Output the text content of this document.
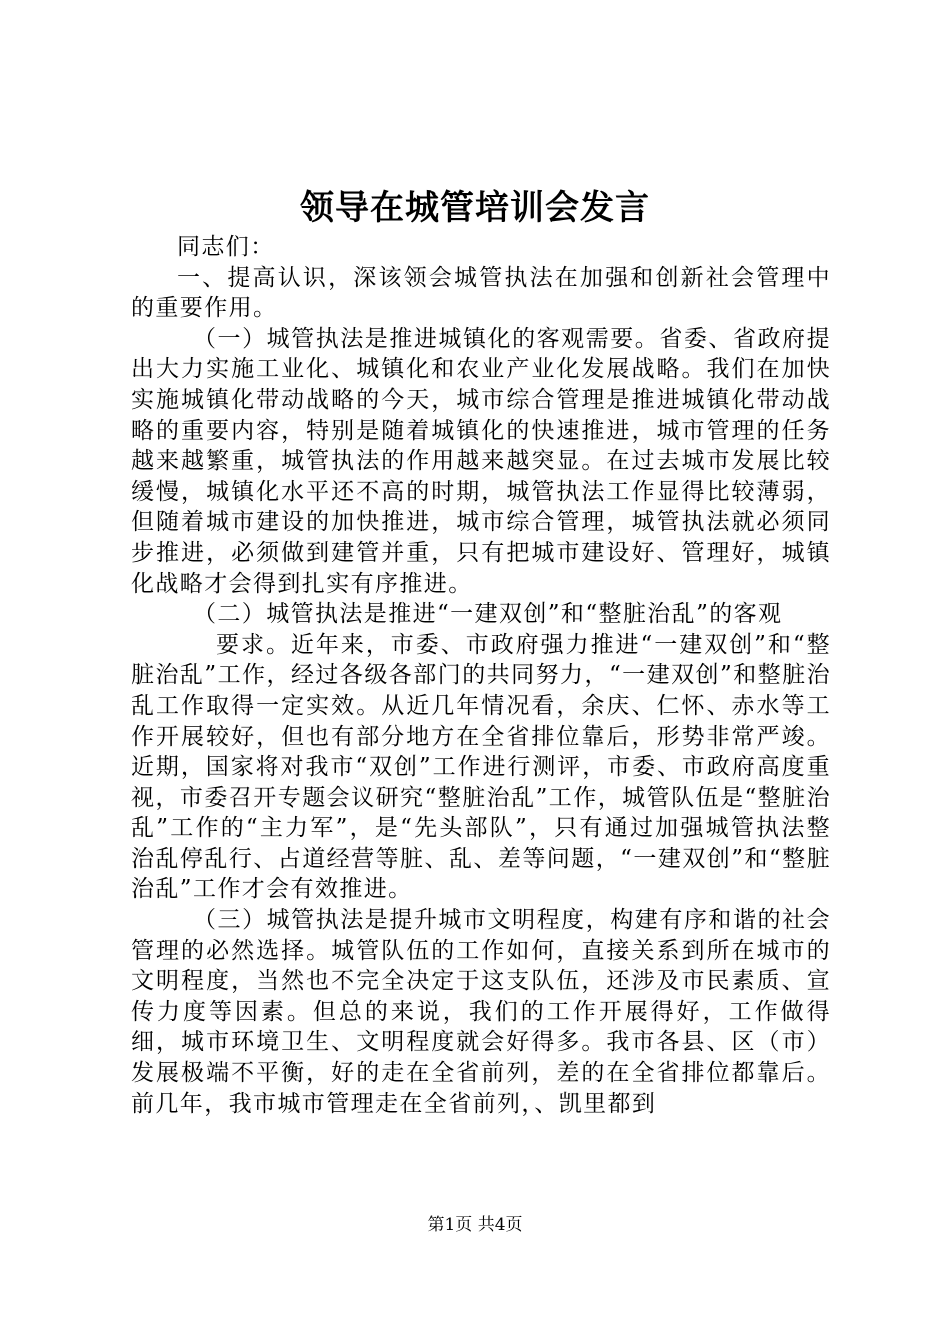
领导在城管培训会发言

同志们：

一、提高认识，深该领会城管执法在加强和创新社会管理中的重要作用。

（一）城管执法是推进城镇化的客观需要。省委、省政府提出大力实施工业化、城镇化和农业产业化发展战略。我们在加快实施城镇化带动战略的今天，城市综合管理是推进城镇化带动战略的重要内容，特别是随着城镇化的快速推进，城市管理的任务越来越繁重，城管执法的作用越来越突显。在过去城市发展比较缓慢，城镇化水平还不高的时期，城管执法工作显得比较薄弱，但随着城市建设的加快推进，城市综合管理，城管执法就必须同步推进，必须做到建管并重，只有把城市建设好、管理好，城镇化战略才会得到扎实有序推进。

（二）城管执法是推进“一建双创”和“整脏治乱”的客观

要求。近年来，市委、市政府强力推进“一建双创”和“整脏治乱”工作，经过各级各部门的共同努力，“一建双创”和整脏治乱工作取得一定实效。从近几年情况看，余庆、仁怀、赤水等工作开展较好，但也有部分地方在全省排位靠后，形势非常严竣。近期，国家将对我市“双创”工作进行测评，市委、市政府高度重视，市委召开专题会议研究“整脏治乱”工作，城管队伍是“整脏治乱”工作的“主力军”，是“先头部队”，只有通过加强城管执法整治乱停乱行、占道经营等脏、乱、差等问题，“一建双创”和“整脏治乱”工作才会有效推进。

（三）城管执法是提升城市文明程度，构建有序和谐的社会管理的必然选择。城管队伍的工作如何，直接关系到所在城市的文明程度，当然也不完全决定于这支队伍，还涉及市民素质、宣传力度等因素。但总的来说，我们的工作开展得好，工作做得细，城市环境卫生、文明程度就会好得多。我市各县、区（市）发展极端不平衡，好的走在全省前列，差的在全省排位都靠后。前几年，我市城市管理走在全省前列，、凯里都到

第1页 共4页
